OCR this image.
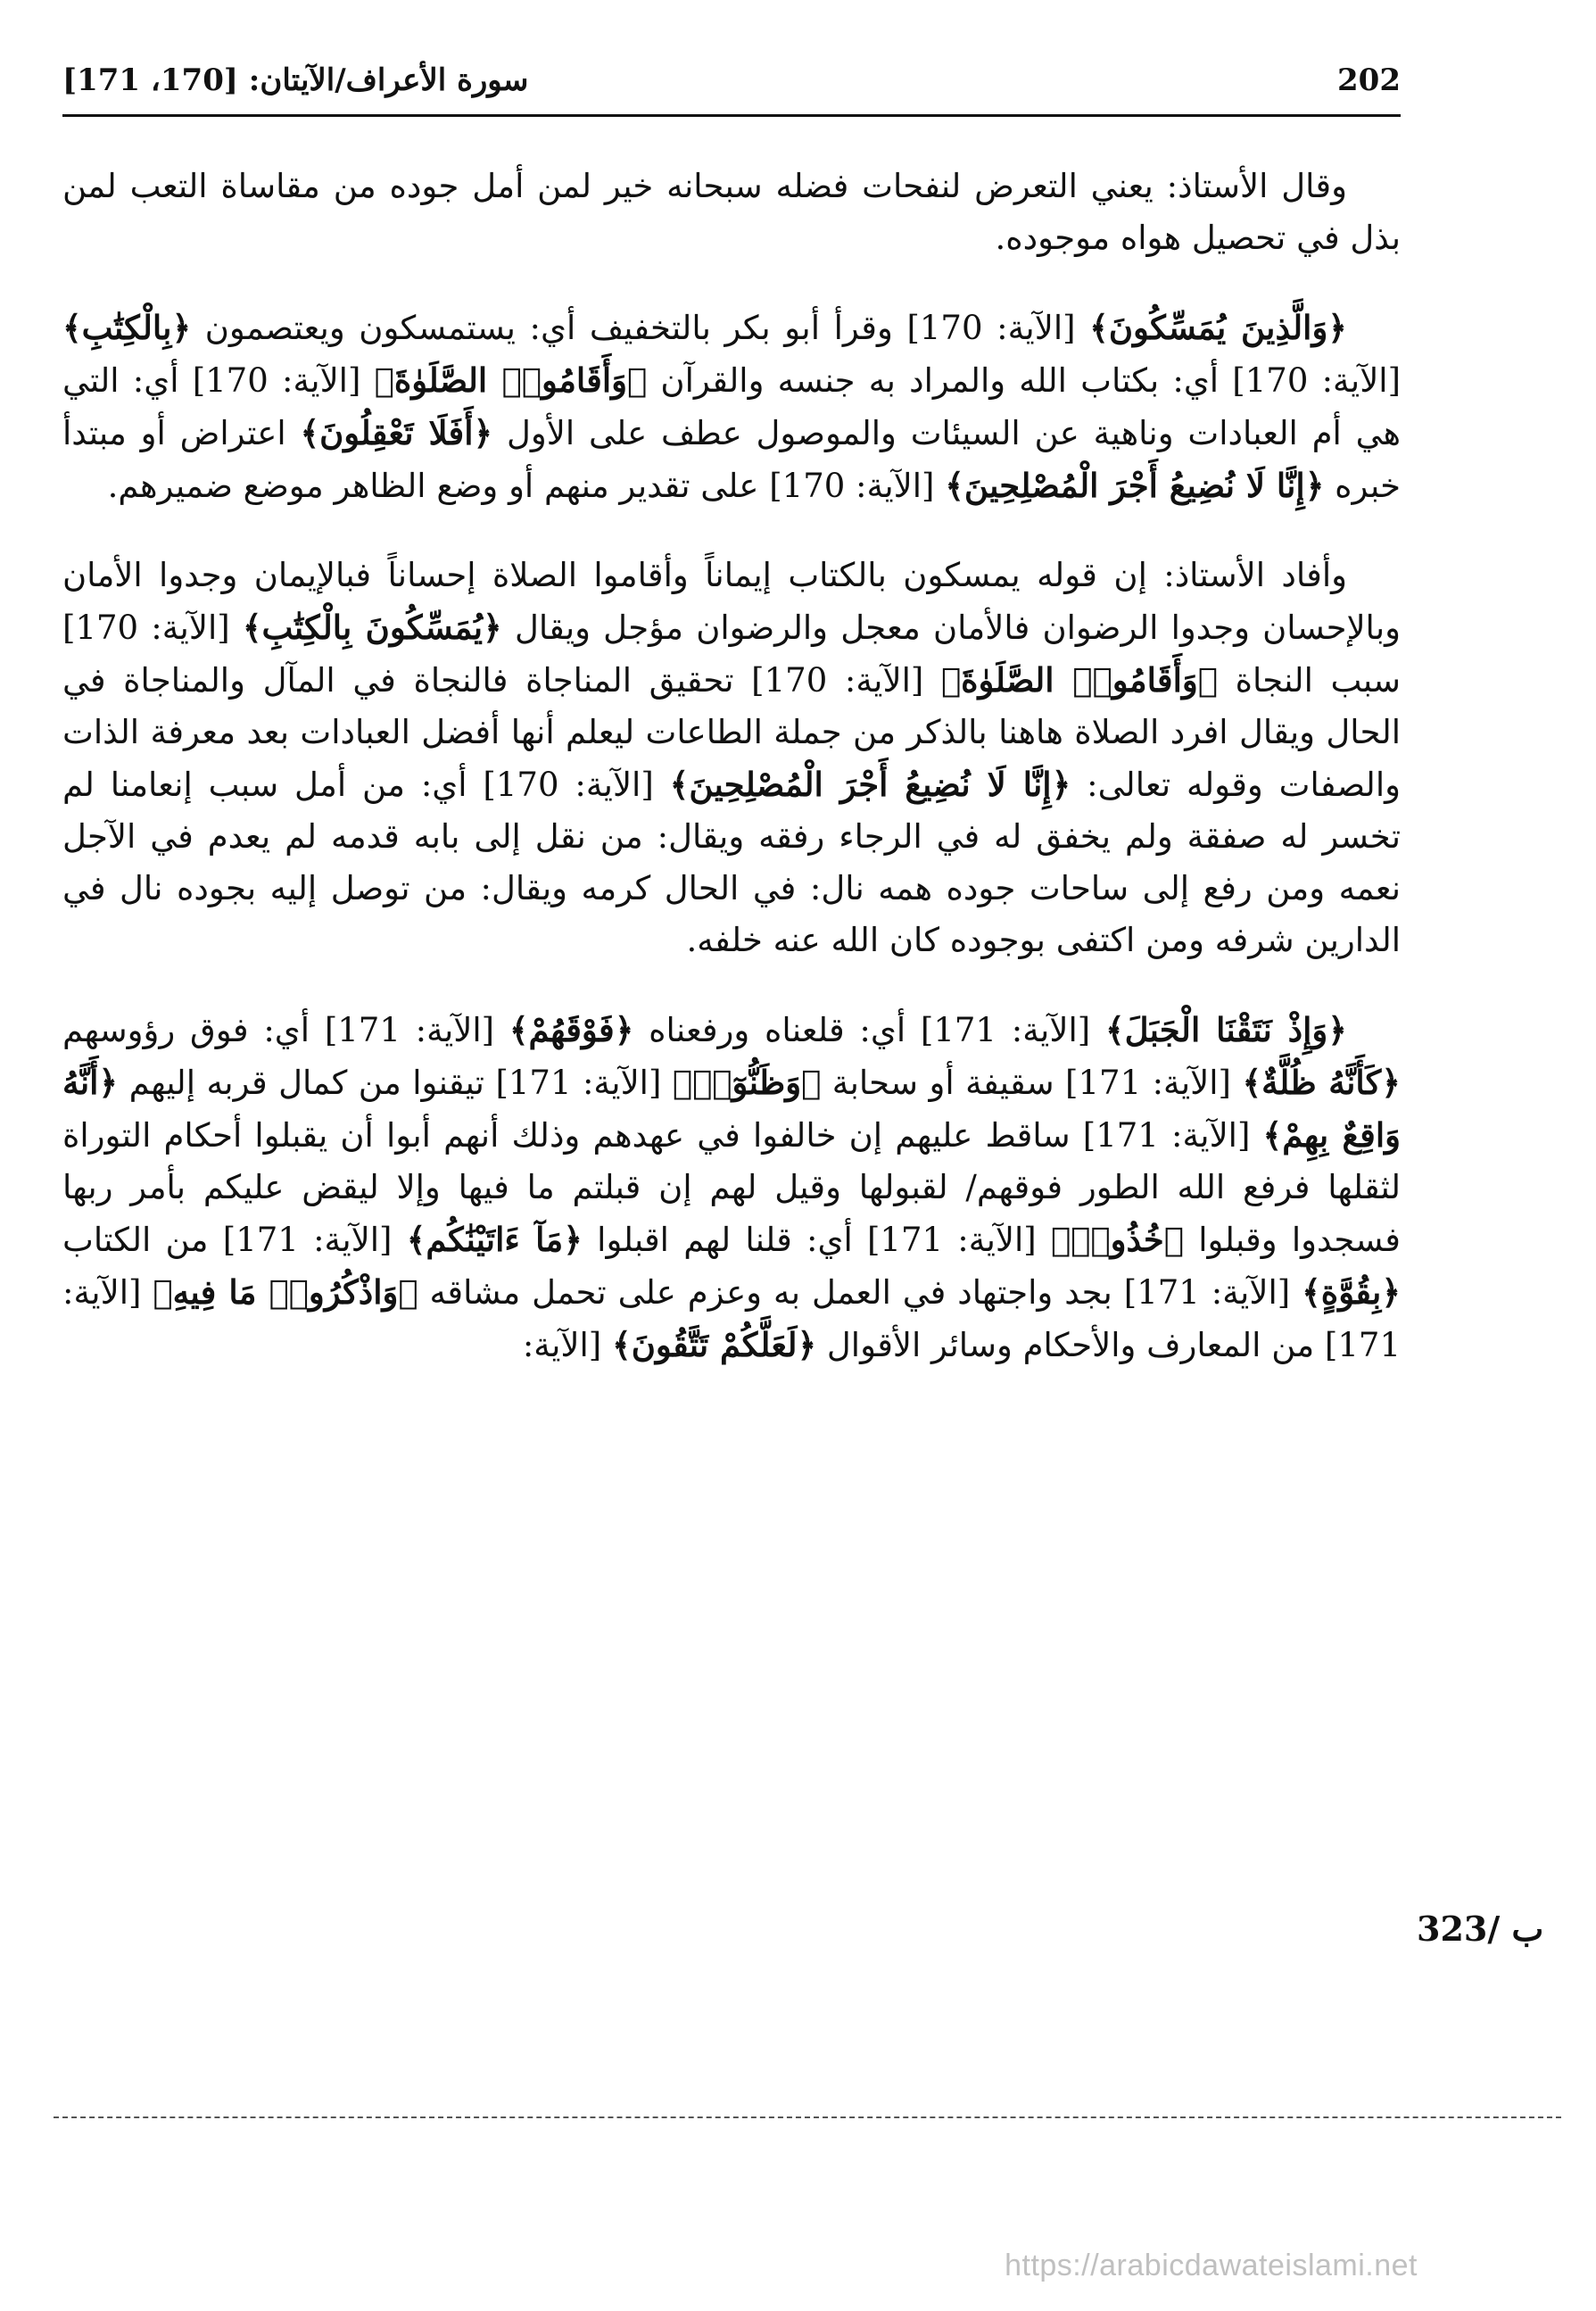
202
سورة الأعراف/الآيتان: [170، 171]

وقال الأستاذ: يعني التعرض لنفحات فضله سبحانه خير لمن أمل جوده من مقاساة التعب لمن بذل في تحصيل هواه موجوده.

﴿وَالَّذِينَ يُمَسِّكُونَ﴾ [الآية: 170] وقرأ أبو بكر بالتخفيف أي: يستمسكون ويعتصمون ﴿بِالْكِتَٰبِ﴾ [الآية: 170] أي: بكتاب الله والمراد به جنسه والقرآن ﴿وَأَقَامُوا۟ الصَّلَوٰةَ﴾ [الآية: 170] أي: التي هي أم العبادات وناهية عن السيئات والموصول عطف على الأول ﴿أَفَلَا تَعْقِلُونَ﴾ اعتراض أو مبتدأ خبره ﴿إِنَّا لَا نُضِيعُ أَجْرَ الْمُصْلِحِينَ﴾ [الآية: 170] على تقدير منهم أو وضع الظاهر موضع ضميرهم.

وأفاد الأستاذ: إن قوله يمسكون بالكتاب إيماناً وأقاموا الصلاة إحساناً فبالإيمان وجدوا الأمان وبالإحسان وجدوا الرضوان فالأمان معجل والرضوان مؤجل ويقال ﴿يُمَسِّكُونَ بِالْكِتَٰبِ﴾ [الآية: 170] سبب النجاة ﴿وَأَقَامُوا۟ الصَّلَوٰةَ﴾ [الآية: 170] تحقيق المناجاة فالنجاة في المآل والمناجاة في الحال ويقال افرد الصلاة هاهنا بالذكر من جملة الطاعات ليعلم أنها أفضل العبادات بعد معرفة الذات والصفات وقوله تعالى: ﴿إِنَّا لَا نُضِيعُ أَجْرَ الْمُصْلِحِينَ﴾ [الآية: 170] أي: من أمل سبب إنعامنا لم تخسر له صفقة ولم يخفق له في الرجاء رفقه ويقال: من نقل إلى بابه قدمه لم يعدم في الآجل نعمه ومن رفع إلى ساحات جوده همه نال: في الحال كرمه ويقال: من توصل إليه بجوده نال في الدارين شرفه ومن اكتفى بوجوده كان الله عنه خلفه.

﴿وَإِذْ نَتَقْنَا الْجَبَلَ﴾ [الآية: 171] أي: قلعناه ورفعناه ﴿فَوْقَهُمْ﴾ [الآية: 171] أي: فوق رؤوسهم ﴿كَأَنَّهُ ظُلَّةٌ﴾ [الآية: 171] سقيفة أو سحابة ﴿وَظَنُّوٓا۟﴾ [الآية: 171] تيقنوا من كمال قربه إليهم ﴿أَنَّهُ وَاقِعٌ بِهِمْ﴾ [الآية: 171] ساقط عليهم إن خالفوا في عهدهم وذلك أنهم أبوا أن يقبلوا أحكام التوراة لثقلها فرفع الله الطور فوقهم/ لقبولها وقيل لهم إن قبلتم ما فيها وإلا ليقض عليكم بأمر ربها فسجدوا وقبلوا ﴿خُذُوا۟﴾ [الآية: 171] أي: قلنا لهم اقبلوا ﴿مَآ ءَاتَيْنَٰكُم﴾ [الآية: 171] من الكتاب ﴿بِقُوَّةٍ﴾ [الآية: 171] بجد واجتهاد في العمل به وعزم على تحمل مشاقه ﴿وَاذْكُرُوا۟ مَا فِيهِ﴾ [الآية: 171] من المعارف والأحكام وسائر الأقوال ﴿لَعَلَّكُمْ تَتَّقُونَ﴾ [الآية:

323/ ب
https://arabicdawateislami.net
